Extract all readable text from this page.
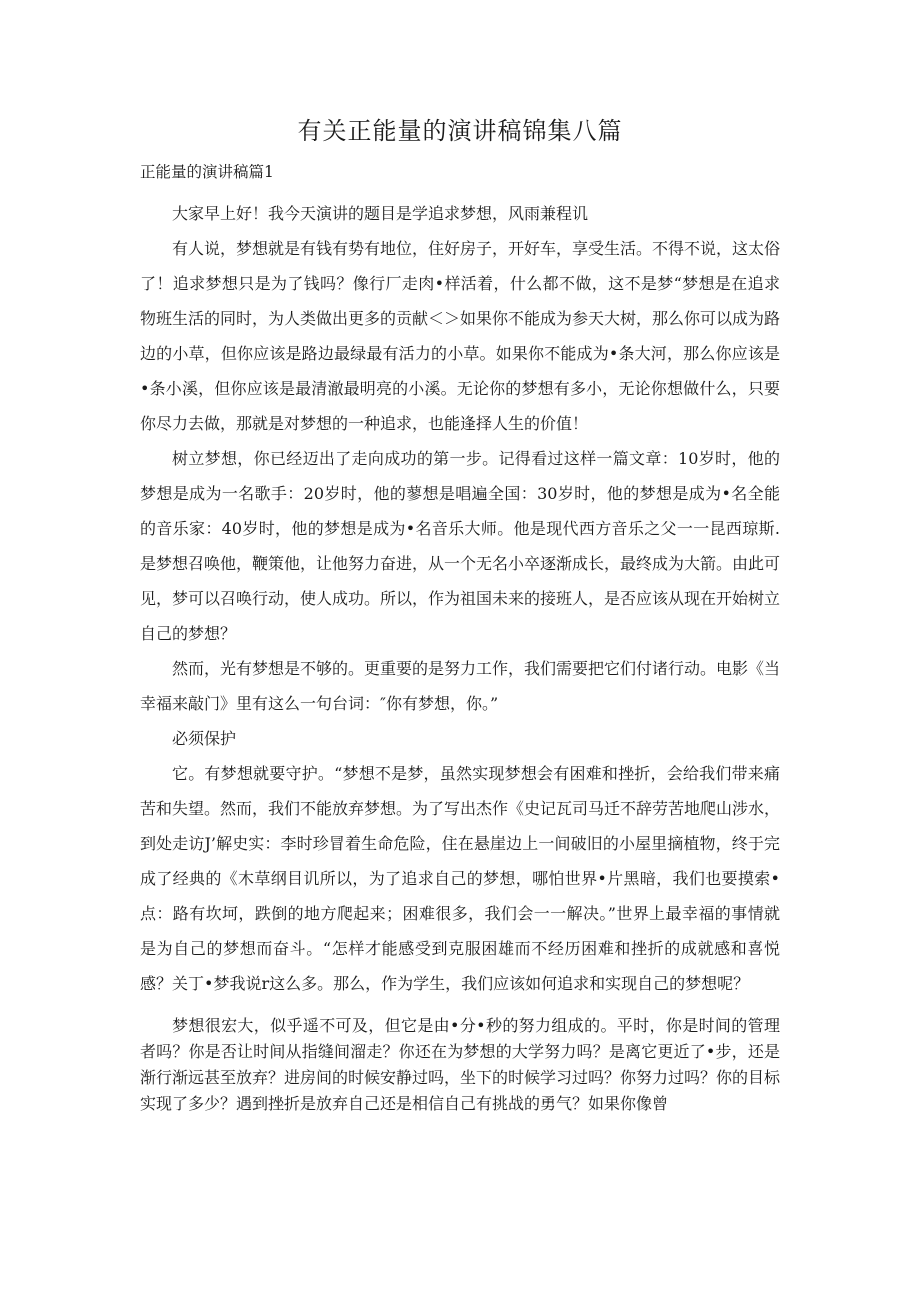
有关正能量的演讲稿锦集八篇
正能量的演讲稿篇1

大家早上好！我今天演讲的题目是学追求梦想，风雨兼程讥

有人说，梦想就是有钱有势有地位，住好房子，开好车，享受生活。不得不说，这太俗了！追求梦想只是为了钱吗？像行厂走肉•样活着，什么都不做，这不是梦“梦想是在追求物班生活的同时，为人类做出更多的贡献＜＞如果你不能成为参天大树，那么你可以成为路边的小草，但你应该是路边最绿最有活力的小草。如果你不能成为•条大河，那么你应该是•条小溪，但你应该是最清澈最明亮的小溪。无论你的梦想有多小，无论你想做什么，只要你尽力去做，那就是对梦想的一种追求，也能逢择人生的价值！

树立梦想，你已经迈出了走向成功的第一步。记得看过这样一篇文章：10岁时，他的梦想是成为一名歌手：20岁时，他的蓼想是唱遍全国：30岁时，他的梦想是成为•名全能的音乐家：40岁时，他的梦想是成为•名音乐大师。他是现代西方音乐之父一一昆西琼斯.是梦想召唤他，鞭策他，让他努力奋进，从一个无名小卒逐渐成长，最终成为大箭。由此可见，梦可以召唤行动，使人成功。所以，作为祖国未来的接班人，是否应该从现在开始树立自己的梦想？

然而，光有梦想是不够的。更重要的是努力工作，我们需要把它们付诸行动。电影《当幸福来敲门》里有这么一句台词：″你有梦想，你。”

必须保护

它。有梦想就要守护。“梦想不是梦，虽然实现梦想会有困难和挫折，会给我们带来痛苦和失望。然而，我们不能放弃梦想。为了写出杰作《史记瓦司马迁不辞劳苦地爬山涉水，到处走访J’解史实：李时珍冒着生命危险，住在悬崖边上一间破旧的小屋里摘植物，终于完成了经典的《木草纲目讥所以，为了追求自己的梦想，哪怕世界•片黑暗，我们也要摸索•点：路有坎坷，跌倒的地方爬起来；困难很多，我们会一一解决。”世界上最幸福的事情就是为自己的梦想而奋斗。“怎样才能感受到克服困雄而不经历困难和挫折的成就感和喜悦感？关丁•梦我说r这么多。那么，作为学生，我们应该如何追求和实现自己的梦想呢？

梦想很宏大，似乎遥不可及，但它是由•分•秒的努力组成的。平时，你是时间的管理者吗？你是否让时间从指缝间溜走？你还在为梦想的大学努力吗？是离它更近了•步，还是渐行渐远甚至放弃？进房间的时候安静过吗，坐下的时候学习过吗？你努力过吗？你的目标实现了多少？遇到挫折是放弃自己还是相信自己有挑战的勇气？如果你像曾
